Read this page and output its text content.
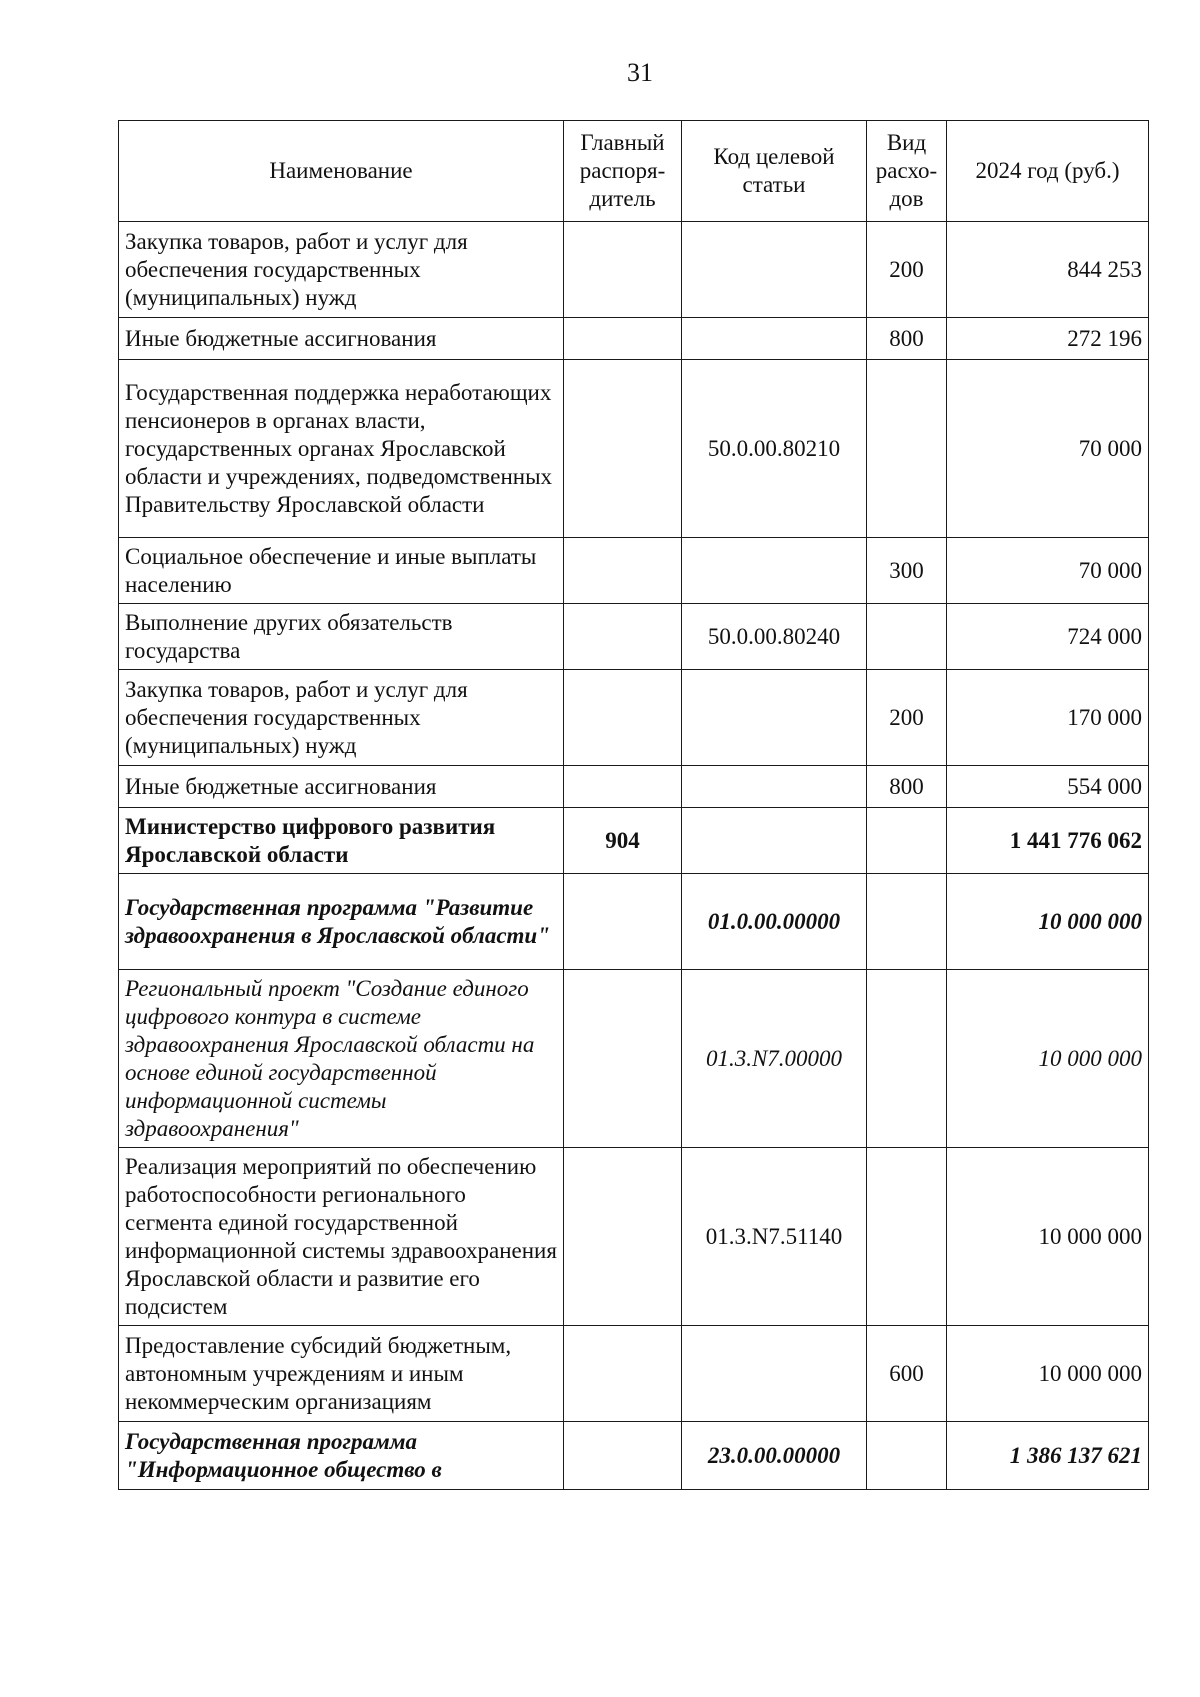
31
Наименование	Главный распоря-дитель	Код целевой статьи	Вид расхо-дов	2024 год (руб.)
Закупка товаров, работ и услуг для обеспечения государственных (муниципальных) нужд			200	844 253
Иные бюджетные ассигнования			800	272 196
Государственная поддержка неработающих пенсионеров в органах власти, государственных органах Ярославской области и учреждениях, подведомственных Правительству Ярославской области		50.0.00.80210		70 000
Социальное обеспечение и иные выплаты населению			300	70 000
Выполнение других обязательств государства		50.0.00.80240		724 000
Закупка товаров, работ и услуг для обеспечения государственных (муниципальных) нужд			200	170 000
Иные бюджетные ассигнования			800	554 000
Министерство цифрового развития Ярославской области	904			1 441 776 062
Государственная программа "Развитие здравоохранения в Ярославской области"		01.0.00.00000		10 000 000
Региональный проект "Создание единого цифрового контура в системе здравоохранения Ярославской области на основе единой государственной информационной системы здравоохранения"		01.3.N7.00000		10 000 000
Реализация мероприятий по обеспечению работоспособности регионального сегмента единой государственной информационной системы здравоохранения Ярославской области и развитие его подсистем		01.3.N7.51140		10 000 000
Предоставление субсидий бюджетным, автономным учреждениям и иным некоммерческим организациям			600	10 000 000
Государственная программа "Информационное общество в		23.0.00.00000		1 386 137 621
